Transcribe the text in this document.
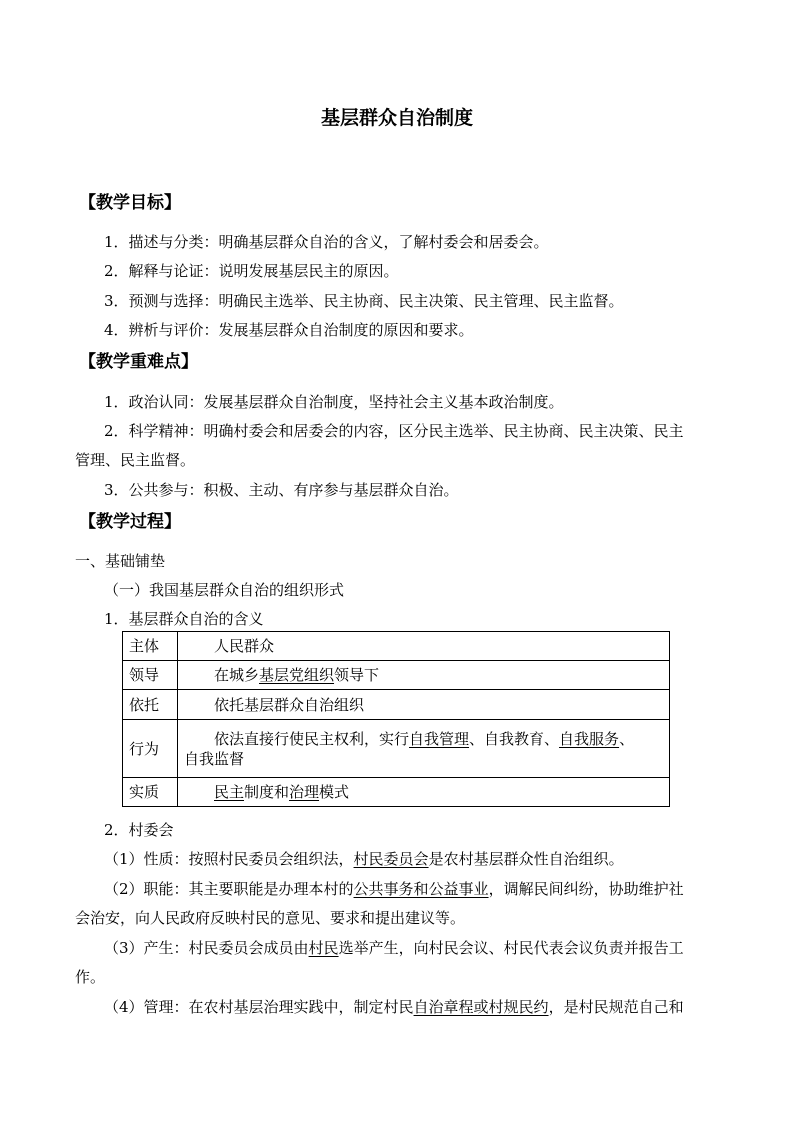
基层群众自治制度
【教学目标】
1．描述与分类：明确基层群众自治的含义，了解村委会和居委会。
2．解释与论证：说明发展基层民主的原因。
3．预测与选择：明确民主选举、民主协商、民主决策、民主管理、民主监督。
4．辨析与评价：发展基层群众自治制度的原因和要求。
【教学重难点】
1．政治认同：发展基层群众自治制度，坚持社会主义基本政治制度。
2．科学精神：明确村委会和居委会的内容，区分民主选举、民主协商、民主决策、民主
管理、民主监督。
3．公共参与：积极、主动、有序参与基层群众自治。
【教学过程】
一、基础铺垫
（一）我国基层群众自治的组织形式
1．基层群众自治的含义
主体	人民群众
领导	在城乡基层党组织领导下
依托	依托基层群众自治组织
行为	依法直接行使民主权利，实行自我管理、自我教育、自我服务、
自我监督

实质	民主制度和治理模式
2．村委会
（1）性质：按照村民委员会组织法，村民委员会是农村基层群众性自治组织。
（2）职能：其主要职能是办理本村的公共事务和公益事业，调解民间纠纷，协助维护社
会治安，向人民政府反映村民的意见、要求和提出建议等。
（3）产生：村民委员会成员由村民选举产生，向村民会议、村民代表会议负责并报告工
作。
（4）管理：在农村基层治理实践中，制定村民自治章程或村规民约，是村民规范自己和
